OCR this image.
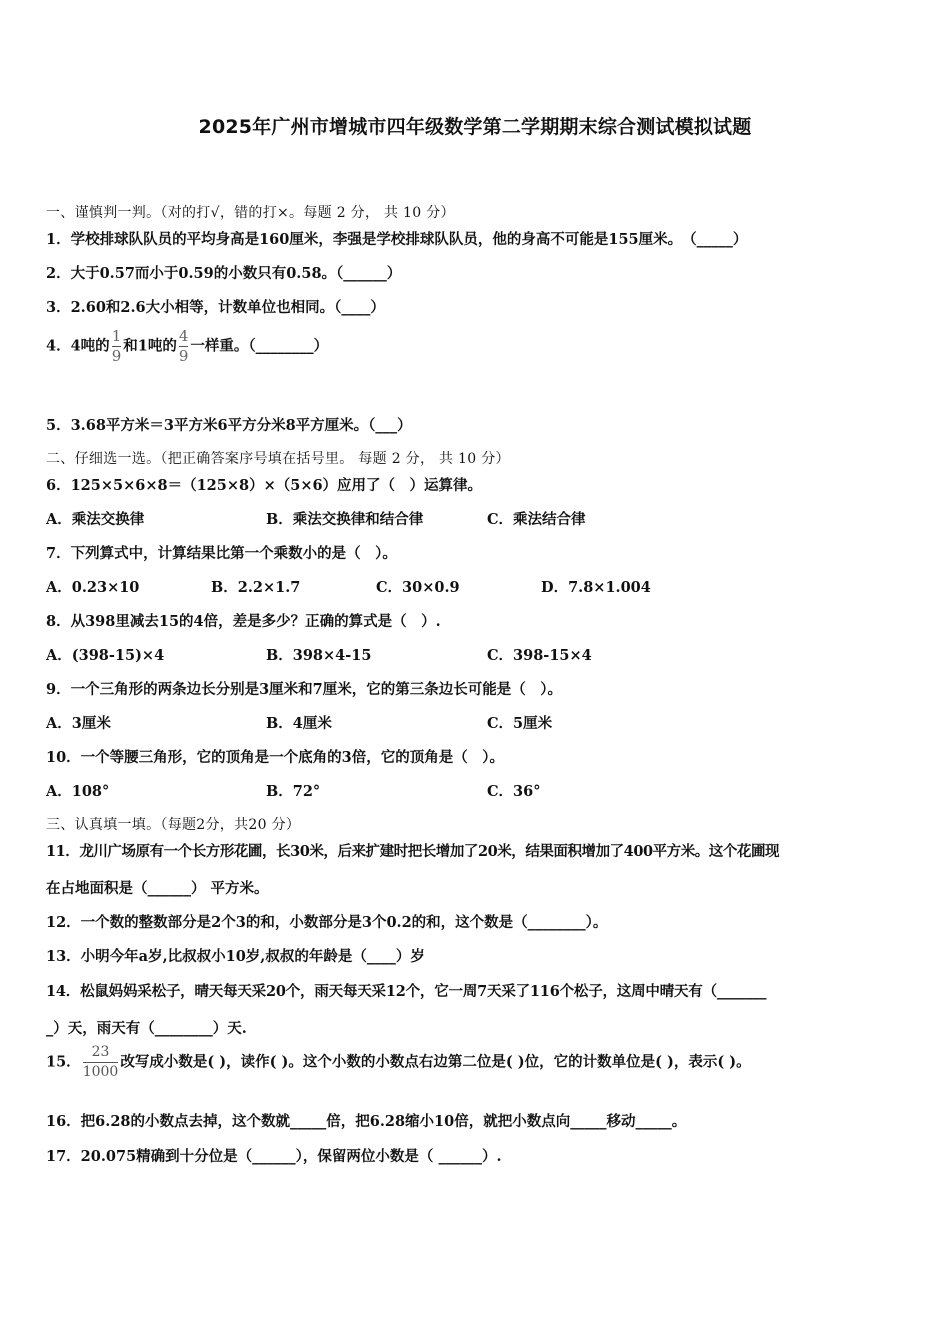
2025年广州市增城市四年级数学第二学期期末综合测试模拟试题
一、谨慎判一判。（对的打√，错的打×。每题 2 分， 共 10 分）
1．学校排球队队员的平均身高是160厘米，李强是学校排球队队员，他的身高不可能是155厘米。　（_____）
2．大于0.57而小于0.59的小数只有0.58。（______）
3．2.60和2.6大小相等，计数单位也相同。（____）
4．4吨的 $\frac{1}{9}$ 和1吨的 $\frac{4}{9}$ 一样重。（________）
5．3.68平方米＝3平方米6平方分米8平方厘米。（___）
二、仔细选一选。（把正确答案序号填在括号里。 每题 2 分， 共 10 分）
6．125×5×6×8＝（125×8）×（5×6）应用了（　）运算律。
A．乘法交换律	B．乘法交换律和结合律	C．乘法结合律
7．下列算式中，计算结果比第一个乘数小的是（　）。
A．0.23×10	B．2.2×1.7	C．30×0.9	D．7.8×1.004
8．从398里减去15的4倍，差是多少？正确的算式是（　）.
A．(398-15)×4	B．398×4-15	C．398-15×4
9．一个三角形的两条边长分别是3厘米和7厘米，它的第三条边长可能是（　）。
A．3厘米	B．4厘米	C．5厘米
10．一个等腰三角形，它的顶角是一个底角的3倍，它的顶角是（　）。
A．108°	B．72°	C．36°
三、认真填一填。（每题2分，共20 分）
11．龙川广场原有一个长方形花圃，长30米，后来扩建时把长增加了20米，结果面积增加了400平方米。这个花圃现
在占地面积是（______） 平方米。
12．一个数的整数部分是2个3的和，小数部分是3个0.2的和，这个数是（________）。
13．小明今年a岁,比叔叔小10岁,叔叔的年龄是（____）岁
14．松鼠妈妈采松子，晴天每天采20个，雨天每天采12个，它一周7天采了116个松子，这周中晴天有（_______
_）天，雨天有（________）天.
15． $\frac{23}{1000}$ 改写成小数是( )，读作( )。这个小数的小数点右边第二位是( )位，它的计数单位是( )，表示( )。
16．把6.28的小数点去掉，这个数就_____倍，把6.28缩小10倍，就把小数点向_____移动_____。
17．20.075精确到十分位是（______），保留两位小数是（ ______）.
